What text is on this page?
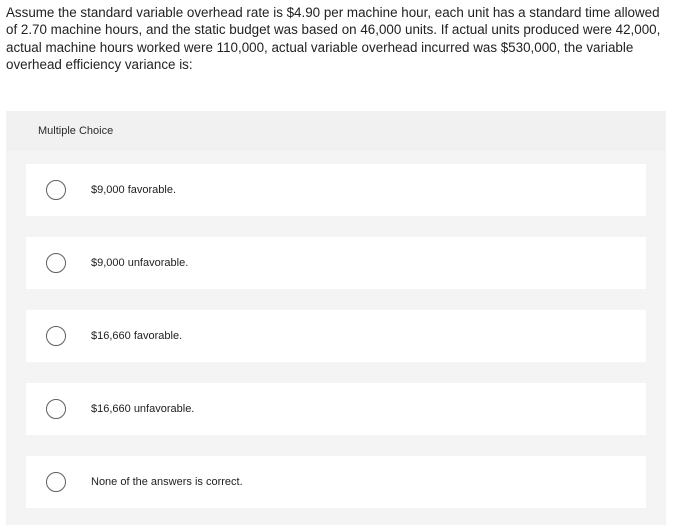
Assume the standard variable overhead rate is $4.90 per machine hour, each unit has a standard time allowed of 2.70 machine hours, and the static budget was based on 46,000 units. If actual units produced were 42,000, actual machine hours worked were 110,000, actual variable overhead incurred was $530,000, the variable overhead efficiency variance is:

Multiple Choice
$9,000 favorable.
$9,000 unfavorable.
$16,660 favorable.
$16,660 unfavorable.
None of the answers is correct.
